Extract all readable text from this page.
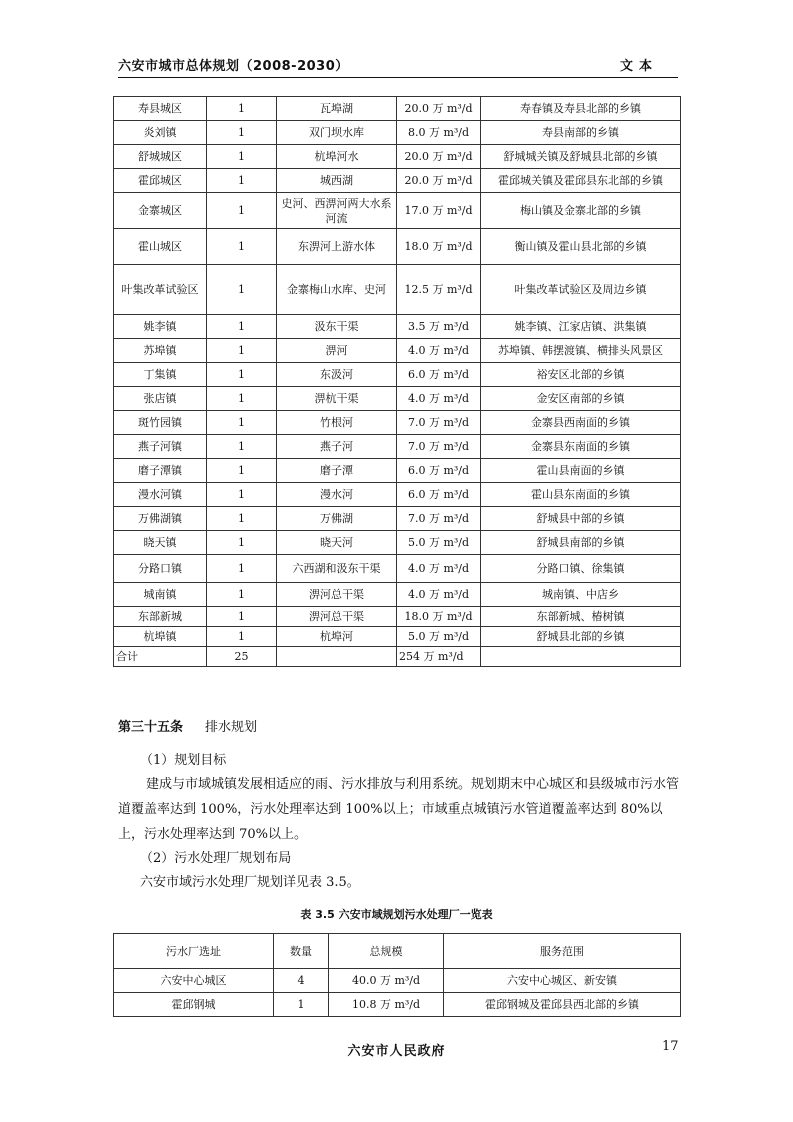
六安市城市总体规划（2008-2030）	文本
寿县城区	1	瓦埠湖	20.0 万 m³/d	寿春镇及寿县北部的乡镇
炎刘镇	1	双门坝水库	8.0 万 m³/d	寿县南部的乡镇
舒城城区	1	杭埠河水	20.0 万 m³/d	舒城城关镇及舒城县北部的乡镇
霍邱城区	1	城西湖	20.0 万 m³/d	霍邱城关镇及霍邱县东北部的乡镇
金寨城区	1	史河、西淠河两大水系河流	17.0 万 m³/d	梅山镇及金寨北部的乡镇
霍山城区	1	东淠河上游水体	18.0 万 m³/d	衡山镇及霍山县北部的乡镇
叶集改革试验区	1	金寨梅山水库、史河	12.5 万 m³/d	叶集改革试验区及周边乡镇
姚李镇	1	汲东干渠	3.5 万 m³/d	姚李镇、江家店镇、洪集镇
苏埠镇	1	淠河	4.0 万 m³/d	苏埠镇、韩摆渡镇、横排头风景区
丁集镇	1	东汲河	6.0 万 m³/d	裕安区北部的乡镇
张店镇	1	淠杭干渠	4.0 万 m³/d	金安区南部的乡镇
斑竹园镇	1	竹根河	7.0 万 m³/d	金寨县西南面的乡镇
燕子河镇	1	燕子河	7.0 万 m³/d	金寨县东南面的乡镇
磨子潭镇	1	磨子潭	6.0 万 m³/d	霍山县南面的乡镇
漫水河镇	1	漫水河	6.0 万 m³/d	霍山县东南面的乡镇
万佛湖镇	1	万佛湖	7.0 万 m³/d	舒城县中部的乡镇
晓天镇	1	晓天河	5.0 万 m³/d	舒城县南部的乡镇
分路口镇	1	六西湖和汲东干渠	4.0 万 m³/d	分路口镇、徐集镇
城南镇	1	淠河总干渠	4.0 万 m³/d	城南镇、中店乡
东部新城	1	淠河总干渠	18.0 万 m³/d	东部新城、椿树镇
杭埠镇	1	杭埠河	5.0 万 m³/d	舒城县北部的乡镇
合计	25		254 万 m³/d	
第三十五条 排水规划
（1）规划目标
建成与市域城镇发展相适应的雨、污水排放与利用系统。规划期末中心城区和县级城市污水管道覆盖率达到 100%，污水处理率达到 100%以上；市域重点城镇污水管道覆盖率达到 80%以上，污水处理率达到 70%以上。
（2）污水处理厂规划布局
六安市域污水处理厂规划详见表 3.5。
表 3.5 六安市域规划污水处理厂一览表
污水厂选址	数量	总规模	服务范围
六安中心城区	4	40.0 万 m³/d	六安中心城区、新安镇
霍邱钢城	1	10.8 万 m³/d	霍邱钢城及霍邱县西北部的乡镇
六安市人民政府	17
